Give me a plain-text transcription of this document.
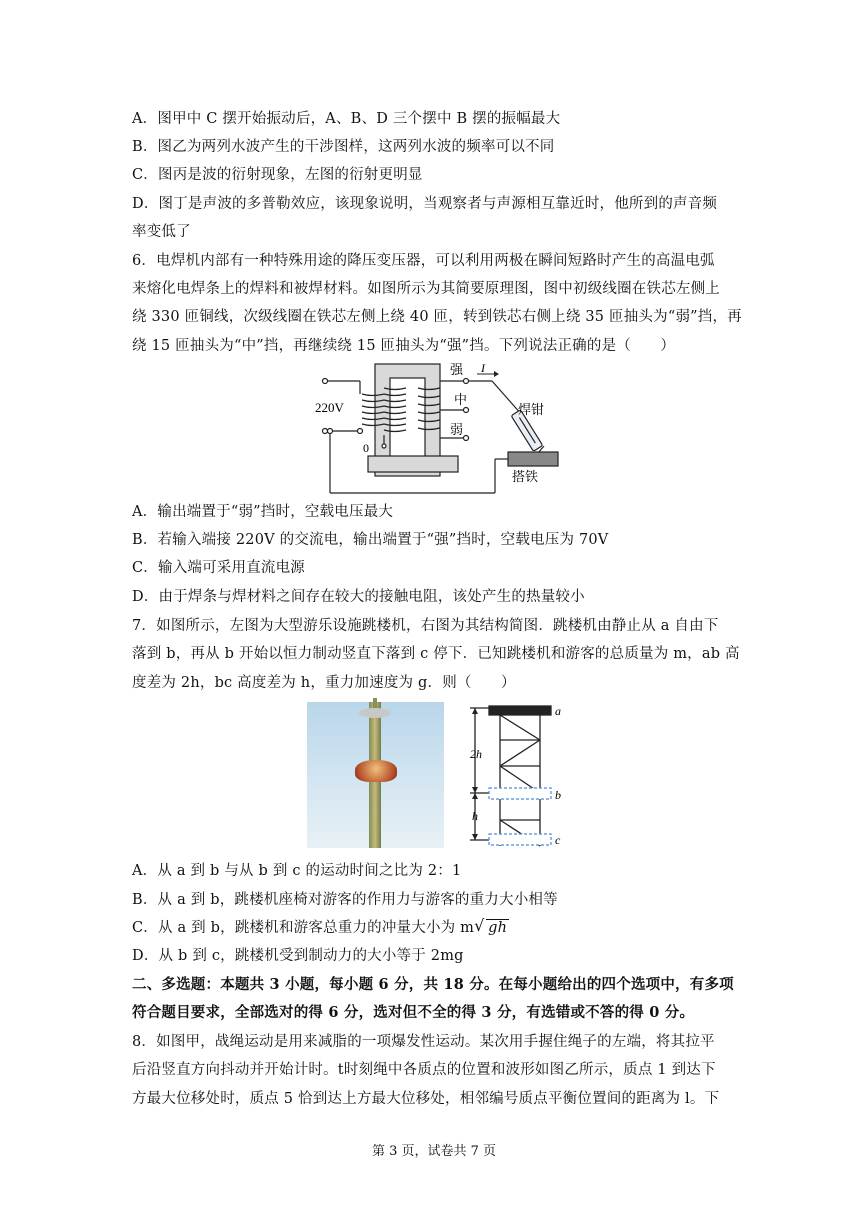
A．图甲中 C 摆开始振动后，A、B、D 三个摆中 B 摆的振幅最大
B．图乙为两列水波产生的干涉图样，这两列水波的频率可以不同
C．图丙是波的衍射现象，左图的衍射更明显
D．图丁是声波的多普勒效应，该现象说明，当观察者与声源相互靠近时，他所到的声音频
率变低了
6．电焊机内部有一种特殊用途的降压变压器，可以利用两极在瞬间短路时产生的高温电弧
来熔化电焊条上的焊料和被焊材料。如图所示为其简要原理图，图中初级线圈在铁芯左侧上
绕 330 匝铜线，次级线圈在铁芯左侧上绕 40 匝，转到铁芯右侧上绕 35 匝抽头为“弱”挡，再
绕 15 匝抽头为“中”挡，再继续绕 15 匝抽头为“强”挡。下列说法正确的是（　　）
220V
0
强
中
弱
I
焊钳
搭铁
A．输出端置于“弱”挡时，空载电压最大
B．若输入端接 220V 的交流电，输出端置于“强”挡时，空载电压为 70V
C．输入端可采用直流电源
D．由于焊条与焊材料之间存在较大的接触电阻，该处产生的热量较小
7．如图所示，左图为大型游乐设施跳楼机，右图为其结构简图．跳楼机由静止从 a 自由下
落到 b，再从 b 开始以恒力制动竖直下落到 c 停下．已知跳楼机和游客的总质量为 m，ab 高
度差为 2h，bc 高度差为 h，重力加速度为 g．则（　　）
a
b
c
2h
h
A．从 a 到 b 与从 b 到 c 的运动时间之比为 2：1
B．从 a 到 b，跳楼机座椅对游客的作用力与游客的重力大小相等
C．从 a 到 b，跳楼机和游客总重力的冲量大小为 m√ gh
D．从 b 到 c，跳楼机受到制动力的大小等于 2mg
二、多选题：本题共 3 小题，每小题 6 分，共 18 分。在每小题给出的四个选项中，有多项
符合题目要求，全部选对的得 6 分，选对但不全的得 3 分，有选错或不答的得 0 分。
8．如图甲，战绳运动是用来减脂的一项爆发性运动。某次用手握住绳子的左端，将其拉平
后沿竖直方向抖动并开始计时。t时刻绳中各质点的位置和波形如图乙所示，质点 1 到达下
方最大位移处时，质点 5 恰到达上方最大位移处，相邻编号质点平衡位置间的距离为 l。下
第 3 页，试卷共 7 页
